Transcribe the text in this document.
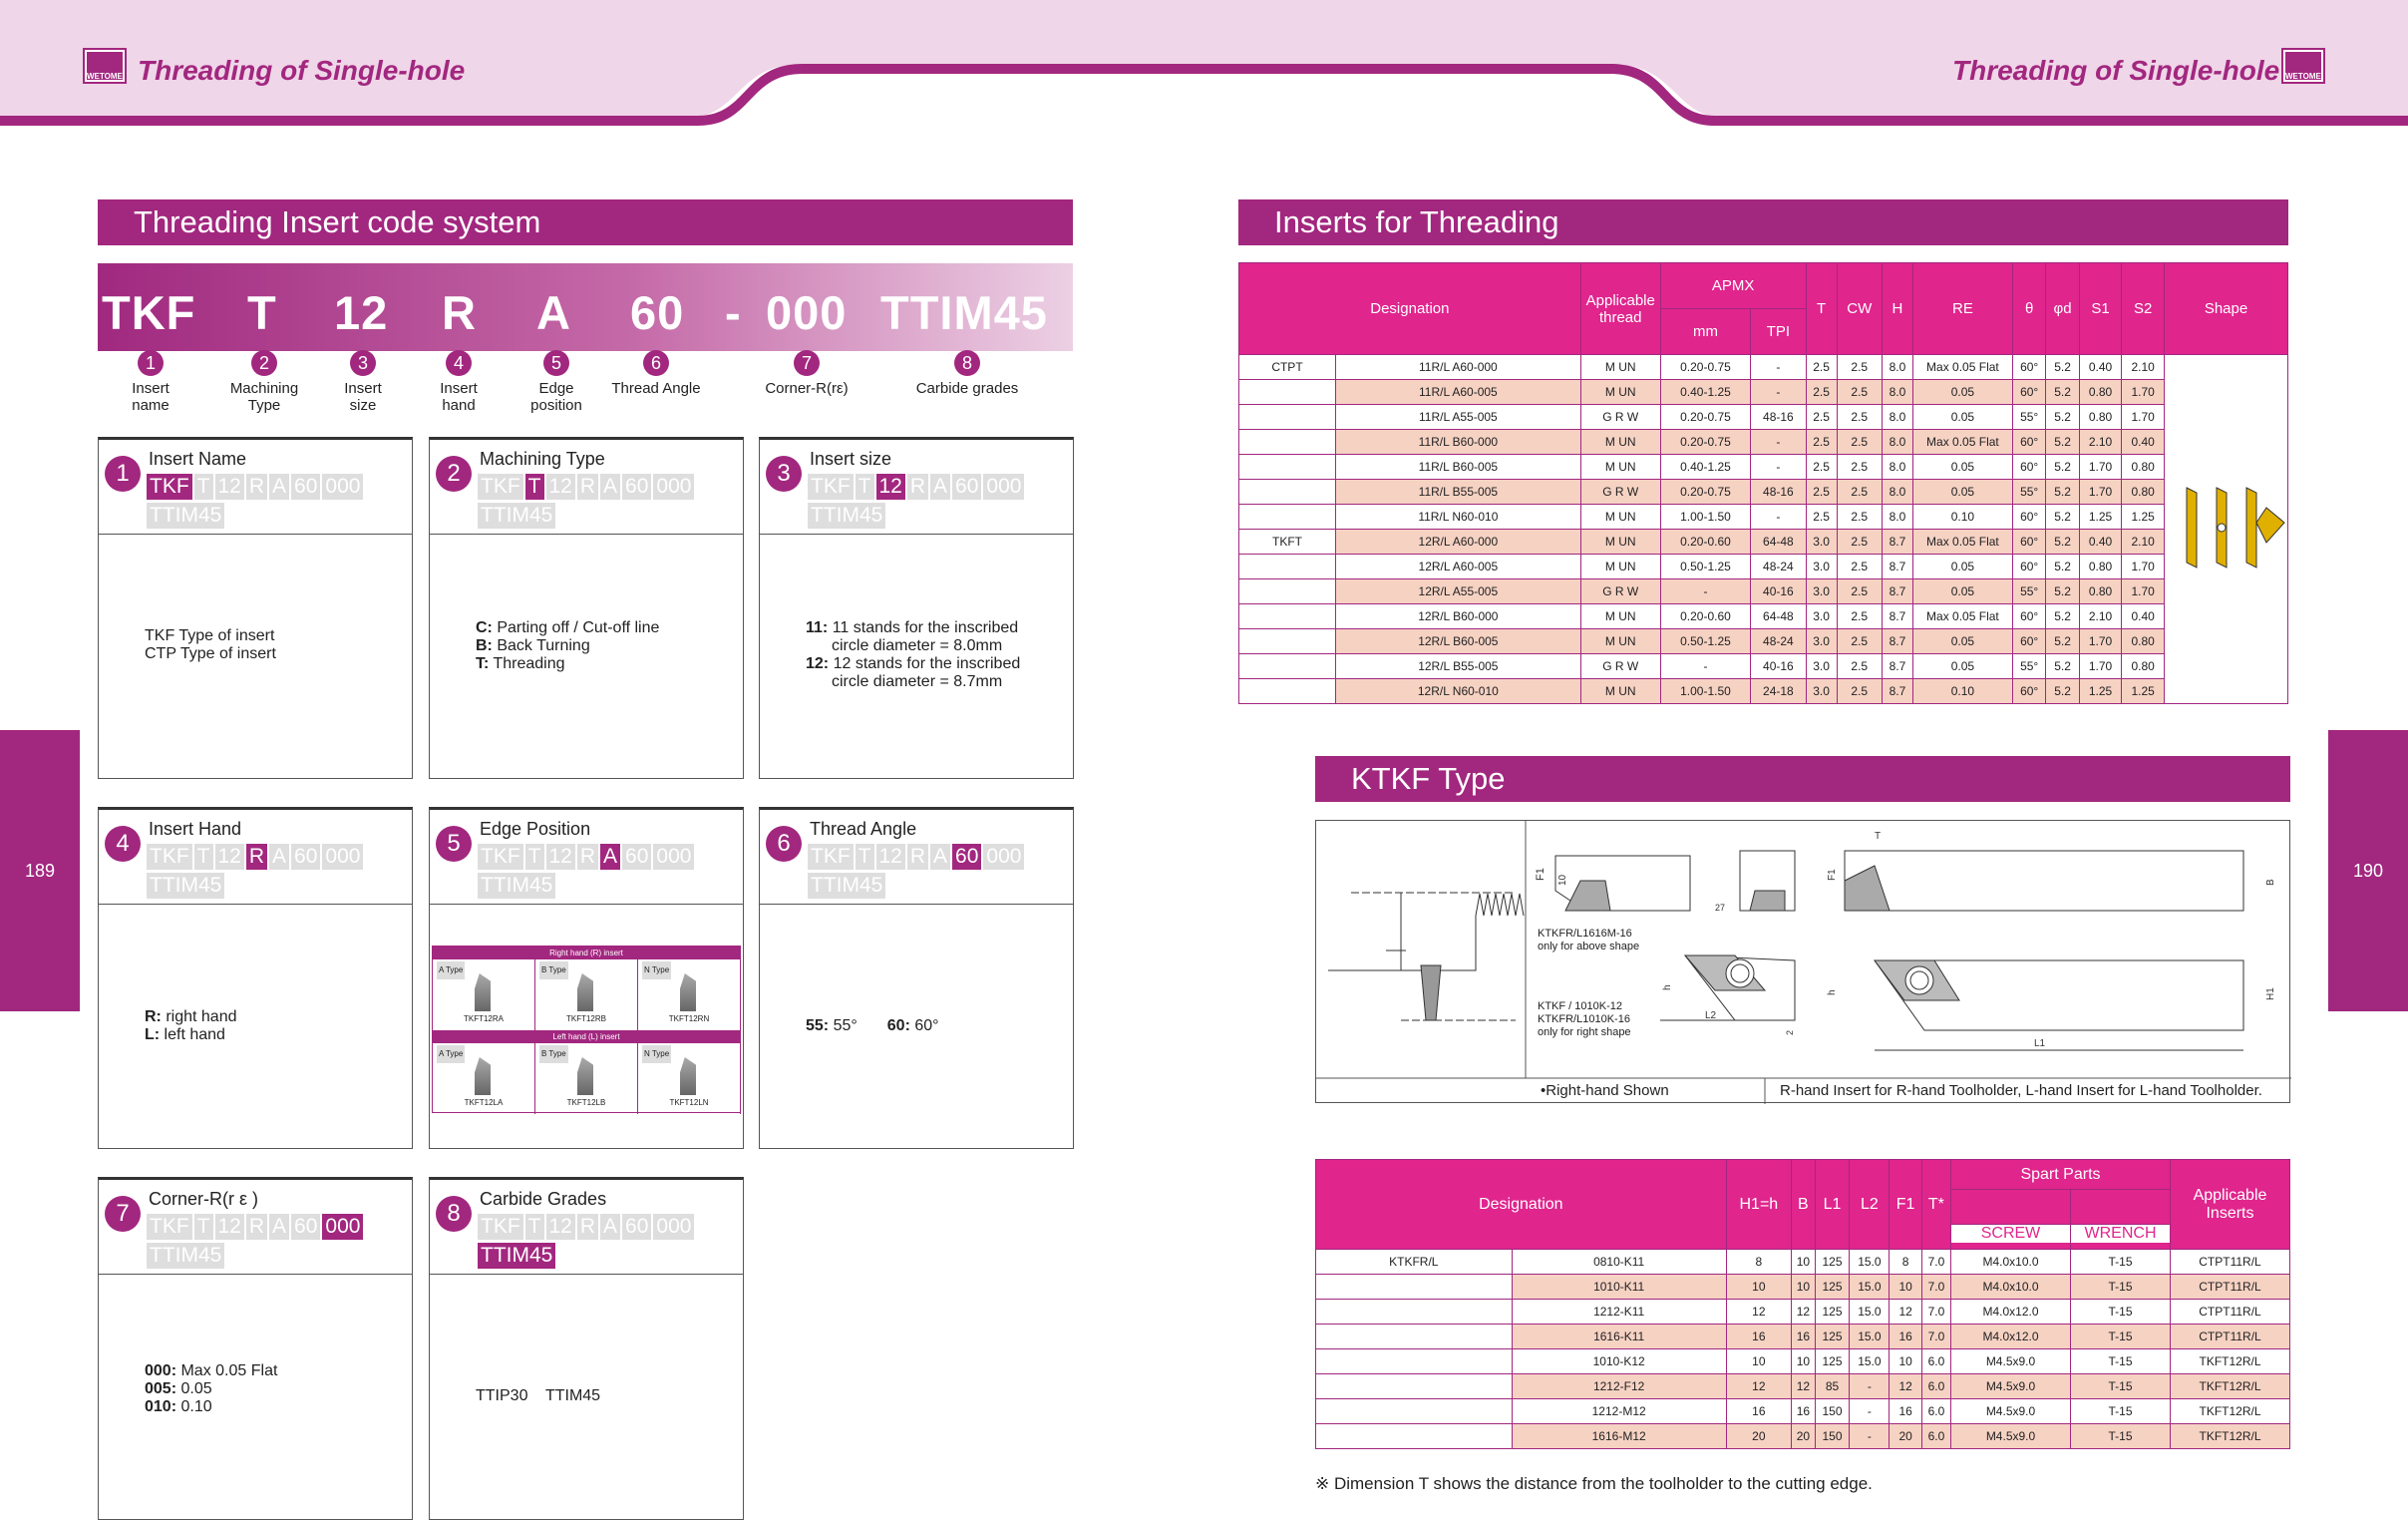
WETOMET Threading of Single-hole	Threading of Single-hole WETOMET
189	190
Threading Insert code system
TKF T 12 R A 60 - 000 TTIM45
1
Insert
name
2
Machining
Type
3
Insert
size
4
Insert
hand
5
Edge
position
6
Thread Angle
7
Corner-R(rε)
8
Carbide grades
1
Insert Name
TKF T 12 R A 60 000TTIM45
TKF Type of insert
CTP Type of insert
2
Machining Type
TKF T 12 R A 60 000TTIM45
C: Parting off / Cut-off line
B: Back Turning
T: Threading
3
Insert size
TKF T 12 R A 60 000TTIM45
11: 11 stands for the inscribed
circle diameter = 8.0mm
12: 12 stands for the inscribed
circle diameter = 8.7mm
4
Insert Hand
TKF T 12 R A 60 000TTIM45
R: right hand
L: left hand
5
Edge Position
TKF T 12 R A 60 000TTIM45
Right hand (R) insert
A Type
TKFT12RA
B Type
TKFT12RB
N Type
TKFT12RN
Left hand (L) insert
A Type
TKFT12LA
B Type
TKFT12LB
N Type
TKFT12LN
6
Thread Angle
TKF T 12 R A 60 000TTIM45
55: 55° 60: 60°
7
Corner-R(r ε )
TKF T 12 R A 60 000TTIM45
000: Max 0.05 Flat
005: 0.05
010: 0.10
8
Carbide Grades
TKF T 12 R A 60 000TTIM45
TTIP30    TTIM45
Inserts for Threading
Designation		Applicable thread	APMX		T	CW	H	RE	θ	φd	S1	S2	Shape
			mm	TPI									
CTPT	11R/L A60-000	M UN	0.20-0.75	-	2.5	2.5	8.0	Max 0.05 Flat	60°	5.2	0.40	2.10	
	11R/L A60-005	M UN	0.40-1.25	-	2.5	2.5	8.0	0.05	60°	5.2	0.80	1.70	
	11R/L A55-005	G R W	0.20-0.75	48-16	2.5	2.5	8.0	0.05	55°	5.2	0.80	1.70	
	11R/L B60-000	M UN	0.20-0.75	-	2.5	2.5	8.0	Max 0.05 Flat	60°	5.2	2.10	0.40	
	11R/L B60-005	M UN	0.40-1.25	-	2.5	2.5	8.0	0.05	60°	5.2	1.70	0.80	
	11R/L B55-005	G R W	0.20-0.75	48-16	2.5	2.5	8.0	0.05	55°	5.2	1.70	0.80	
	11R/L N60-010	M UN	1.00-1.50	-	2.5	2.5	8.0	0.10	60°	5.2	1.25	1.25	
TKFT	12R/L A60-000	M UN	0.20-0.60	64-48	3.0	2.5	8.7	Max 0.05 Flat	60°	5.2	0.40	2.10	
	12R/L A60-005	M UN	0.50-1.25	48-24	3.0	2.5	8.7	0.05	60°	5.2	0.80	1.70	
	12R/L A55-005	G R W	-	40-16	3.0	2.5	8.7	0.05	55°	5.2	0.80	1.70	
	12R/L B60-000	M UN	0.20-0.60	64-48	3.0	2.5	8.7	Max 0.05 Flat	60°	5.2	2.10	0.40	
	12R/L B60-005	M UN	0.50-1.25	48-24	3.0	2.5	8.7	0.05	60°	5.2	1.70	0.80	
	12R/L B55-005	G R W	-	40-16	3.0	2.5	8.7	0.05	55°	5.2	1.70	0.80	
	12R/L N60-010	M UN	1.00-1.50	24-18	3.0	2.5	8.7	0.10	60°	5.2	1.25	1.25	
KTKF Type
F1 10
27
T
F1
B
h
L2
h	H1
L1
2
KTKFR/L1616M-16
only for above shape
KTKF / 1010K-12
KTKFR/L1010K-16
only for right shape
•Right-hand Shown	R-hand Insert for R-hand Toolholder, L-hand Insert for L-hand Toolholder.
Designation		H1=h	B	L1	L2	F1	T*	Spart Parts		Applicable Inserts

								SCREW	WRENCH	

KTKFR/L	0810-K11	8	10	125	15.0	8	7.0	M4.0x10.0	T-15	CTPT11R/L
	1010-K11	10	10	125	15.0	10	7.0	M4.0x10.0	T-15	CTPT11R/L
	1212-K11	12	12	125	15.0	12	7.0	M4.0x12.0	T-15	CTPT11R/L
	1616-K11	16	16	125	15.0	16	7.0	M4.0x12.0	T-15	CTPT11R/L
	1010-K12	10	10	125	15.0	10	6.0	M4.5x9.0	T-15	TKFT12R/L
	1212-F12	12	12	85	-	12	6.0	M4.5x9.0	T-15	TKFT12R/L
	1212-M12	16	16	150	-	16	6.0	M4.5x9.0	T-15	TKFT12R/L
	1616-M12	20	20	150	-	20	6.0	M4.5x9.0	T-15	TKFT12R/L
※ Dimension T shows the distance from the toolholder to the cutting edge.
